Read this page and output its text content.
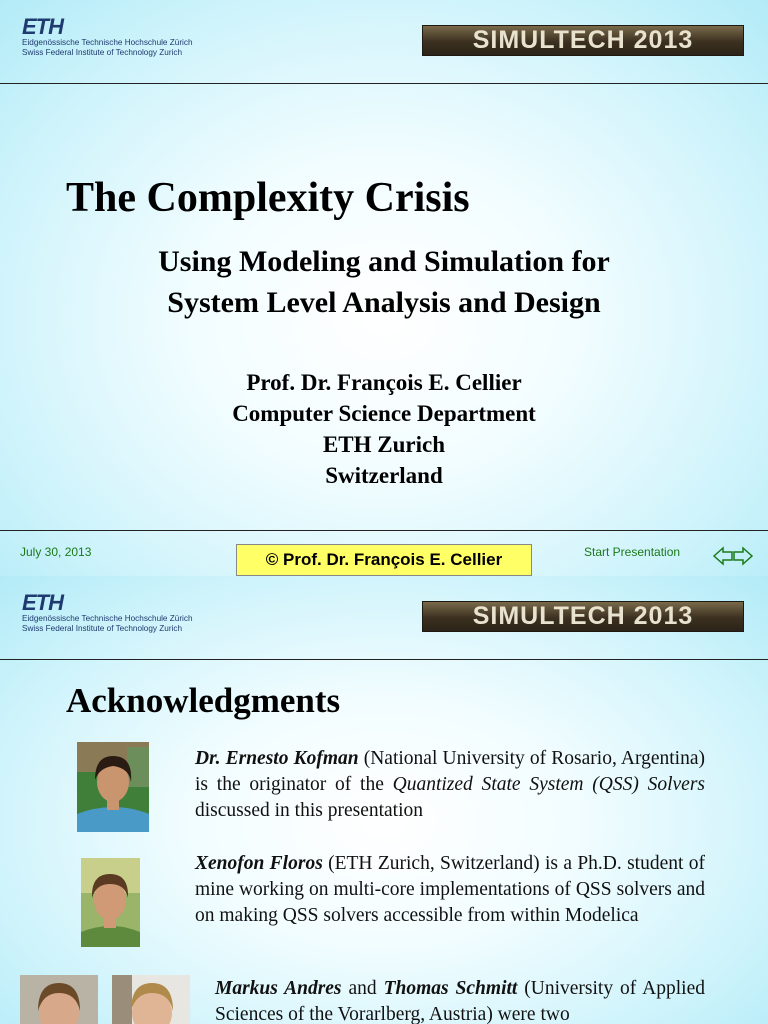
ETH
Eidgenössische Technische Hochschule Zürich
Swiss Federal Institute of Technology Zurich	SIMULTECH 2013
The Complexity Crisis
Using Modeling and Simulation for
System Level Analysis and Design
Prof. Dr. François E. Cellier
Computer Science Department
ETH Zurich
Switzerland
July 30, 2013	© Prof. Dr. François E. Cellier	Start Presentation
ETH
Eidgenössische Technische Hochschule Zürich
Swiss Federal Institute of Technology Zurich	SIMULTECH 2013
Acknowledgments
Dr. Ernesto Kofman (National University of Rosario, Argentina) is the originator of the Quantized State System (QSS) Solvers discussed in this presentation
Xenofon Floros (ETH Zurich, Switzerland) is a Ph.D. student of mine working on multi-core implementations of QSS solvers and on making QSS solvers accessible from within Modelica
Markus Andres and Thomas Schmitt (University of Applied Sciences of the Vorarlberg, Austria) were two
